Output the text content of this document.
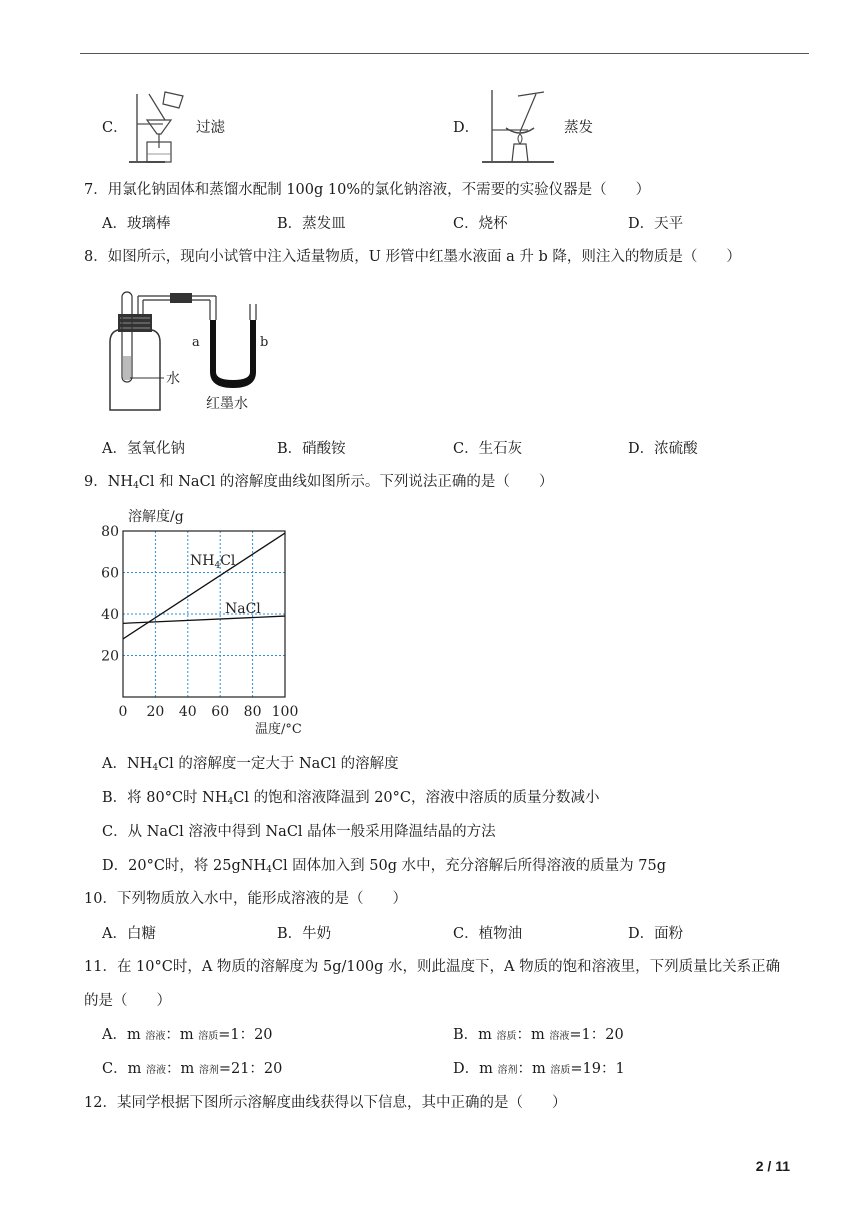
C．	过滤	D．	蒸发
7．用氯化钠固体和蒸馏水配制 100g 10%的氯化钠溶液，不需要的实验仪器是（　　）
A．玻璃棒	B．蒸发皿	C．烧杯	D．天平
8．如图所示，现向小试管中注入适量物质，U 形管中红墨水液面 a 升 b 降，则注入的物质是（　　）
水
a	b
红墨水
A．氢氧化钠	B．硝酸铵	C．生石灰	D．浓硫酸
9．$NH_4Cl$ 和 NaCl 的溶解度曲线如图所示。下列说法正确的是（　　）
20
40
60
80
0 20 40 60 80 100
溶解度/g
温度/°C
$NH_4Cl$
NaCl
A．$NH_4Cl$ 的溶解度一定大于 NaCl 的溶解度
B．将 80°C时 $NH_4Cl$ 的饱和溶液降温到 20°C，溶液中溶质的质量分数减小
C．从 NaCl 溶液中得到 NaCl 晶体一般采用降温结晶的方法
D．20°C时，将 25gNH$_4$Cl 固体加入到 50g 水中，充分溶解后所得溶液的质量为 75g
10．下列物质放入水中，能形成溶液的是（　　）
A．白糖	B．牛奶	C．植物油	D．面粉
11．在 10°C时，A 物质的溶解度为 5g/100g 水，则此温度下，A 物质的饱和溶液里，下列质量比关系正确
的是（　　）
A．m 溶液：m 溶质=1：20	B．m 溶质：m 溶液=1：20
C．m 溶液：m 溶剂=21：20	D．m 溶剂：m 溶质=19：1
12．某同学根据下图所示溶解度曲线获得以下信息，其中正确的是（　　）
2 / 11
